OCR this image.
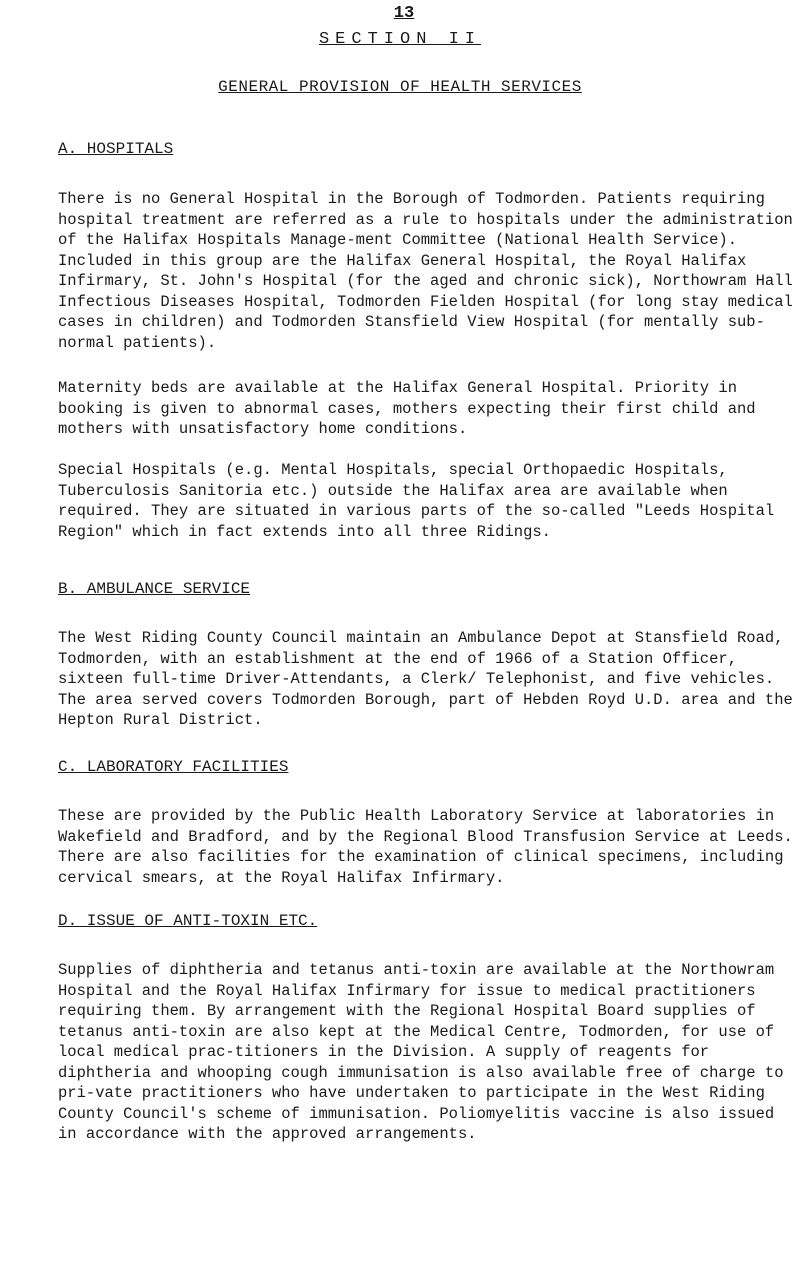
13
SECTION II
GENERAL PROVISION OF HEALTH SERVICES
A. HOSPITALS

There is no General Hospital in the Borough of Todmorden. Patients requiring hospital treatment are referred as a rule to hospitals under the administration of the Halifax Hospitals Manage-ment Committee (National Health Service). Included in this group are the Halifax General Hospital, the Royal Halifax Infirmary, St. John's Hospital (for the aged and chronic sick), Northowram Hall Infectious Diseases Hospital, Todmorden Fielden Hospital (for long stay medical cases in children) and Todmorden Stansfield View Hospital (for mentally sub-normal patients).

Maternity beds are available at the Halifax General Hospital. Priority in booking is given to abnormal cases, mothers expecting their first child and mothers with unsatisfactory home conditions.

Special Hospitals (e.g. Mental Hospitals, special Orthopaedic Hospitals, Tuberculosis Sanitoria etc.) outside the Halifax area are available when required. They are situated in various parts of the so-called "Leeds Hospital Region" which in fact extends into all three Ridings.

B. AMBULANCE SERVICE

The West Riding County Council maintain an Ambulance Depot at Stansfield Road, Todmorden, with an establishment at the end of 1966 of a Station Officer, sixteen full-time Driver-Attendants, a Clerk/ Telephonist, and five vehicles. The area served covers Todmorden Borough, part of Hebden Royd U.D. area and the Hepton Rural District.

C. LABORATORY FACILITIES

These are provided by the Public Health Laboratory Service at laboratories in Wakefield and Bradford, and by the Regional Blood Transfusion Service at Leeds. There are also facilities for the examination of clinical specimens, including cervical smears, at the Royal Halifax Infirmary.

D. ISSUE OF ANTI-TOXIN ETC.

Supplies of diphtheria and tetanus anti-toxin are available at the Northowram Hospital and the Royal Halifax Infirmary for issue to medical practitioners requiring them. By arrangement with the Regional Hospital Board supplies of tetanus anti-toxin are also kept at the Medical Centre, Todmorden, for use of local medical prac-titioners in the Division. A supply of reagents for diphtheria and whooping cough immunisation is also available free of charge to pri-vate practitioners who have undertaken to participate in the West Riding County Council's scheme of immunisation. Poliomyelitis vaccine is also issued in accordance with the approved arrangements.
